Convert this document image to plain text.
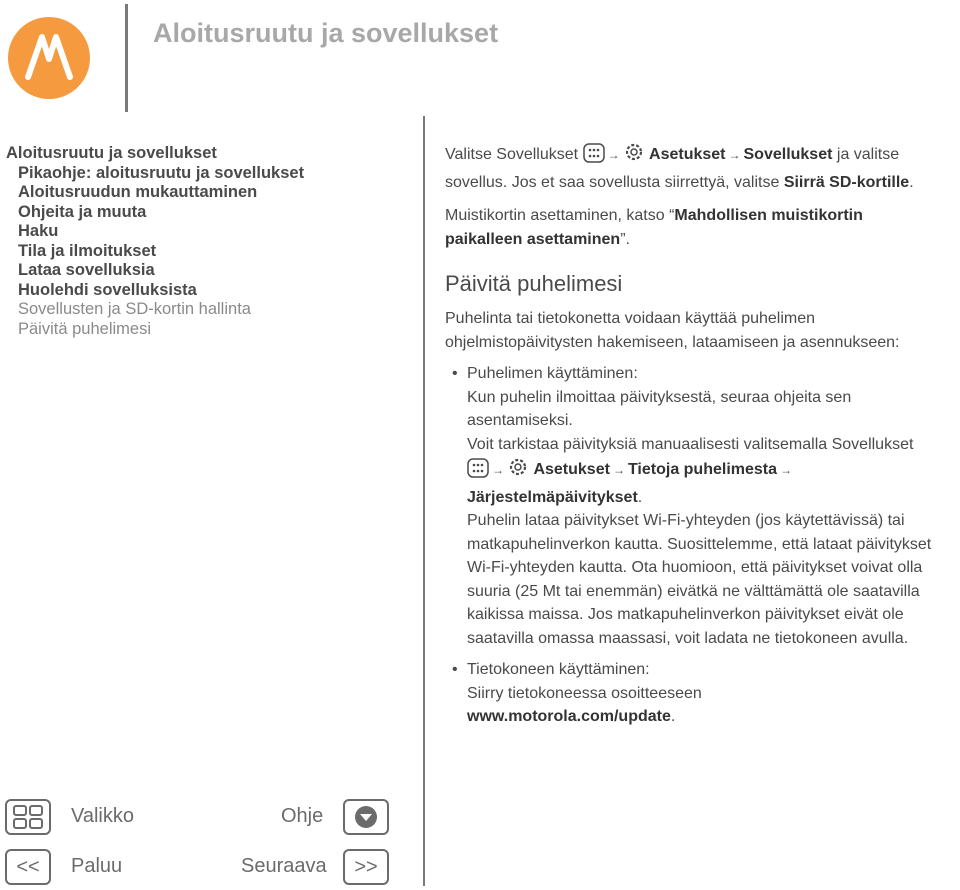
Aloitusruutu ja sovellukset
Aloitusruutu ja sovellukset
Pikaohje: aloitusruutu ja sovellukset
Aloitusruudun mukauttaminen
Ohjeita ja muuta
Haku
Tila ja ilmoitukset
Lataa sovelluksia
Huolehdi sovelluksista
Sovellusten ja SD-kortin hallinta
Päivitä puhelimesi

Valitse Sovellukset → Asetukset → Sovellukset ja valitse sovellus. Jos et saa sovellusta siirrettyä, valitse Siirrä SD-kortille.

Muistikortin asettaminen, katso “Mahdollisen muistikortin paikalleen asettaminen”.

Päivitä puhelimesi

Puhelinta tai tietokonetta voidaan käyttää puhelimen ohjelmistopäivitysten hakemiseen, lataamiseen ja asennukseen:

• Puhelimen käyttäminen:

Kun puhelin ilmoittaa päivityksestä, seuraa ohjeita sen asentamiseksi.

Voit tarkistaa päivityksiä manuaalisesti valitsemalla Sovellukset → Asetukset → Tietoja puhelimesta → Järjestelmäpäivitykset.

Puhelin lataa päivitykset Wi-Fi-yhteyden (jos käytettävissä) tai matkapuhelinverkon kautta. Suosittelemme, että lataat päivitykset Wi-Fi-yhteyden kautta. Ota huomioon, että päivitykset voivat olla suuria (25 Mt tai enemmän) eivätkä ne välttämättä ole saatavilla kaikissa maissa. Jos matkapuhelinverkon päivitykset eivät ole saatavilla omassa maassasi, voit ladata ne tietokoneen avulla.

• Tietokoneen käyttäminen:

Siirry tietokoneessa osoitteeseen
www.motorola.com/update.

Valikko	Ohje
<<	Paluu	Seuraava	>>
